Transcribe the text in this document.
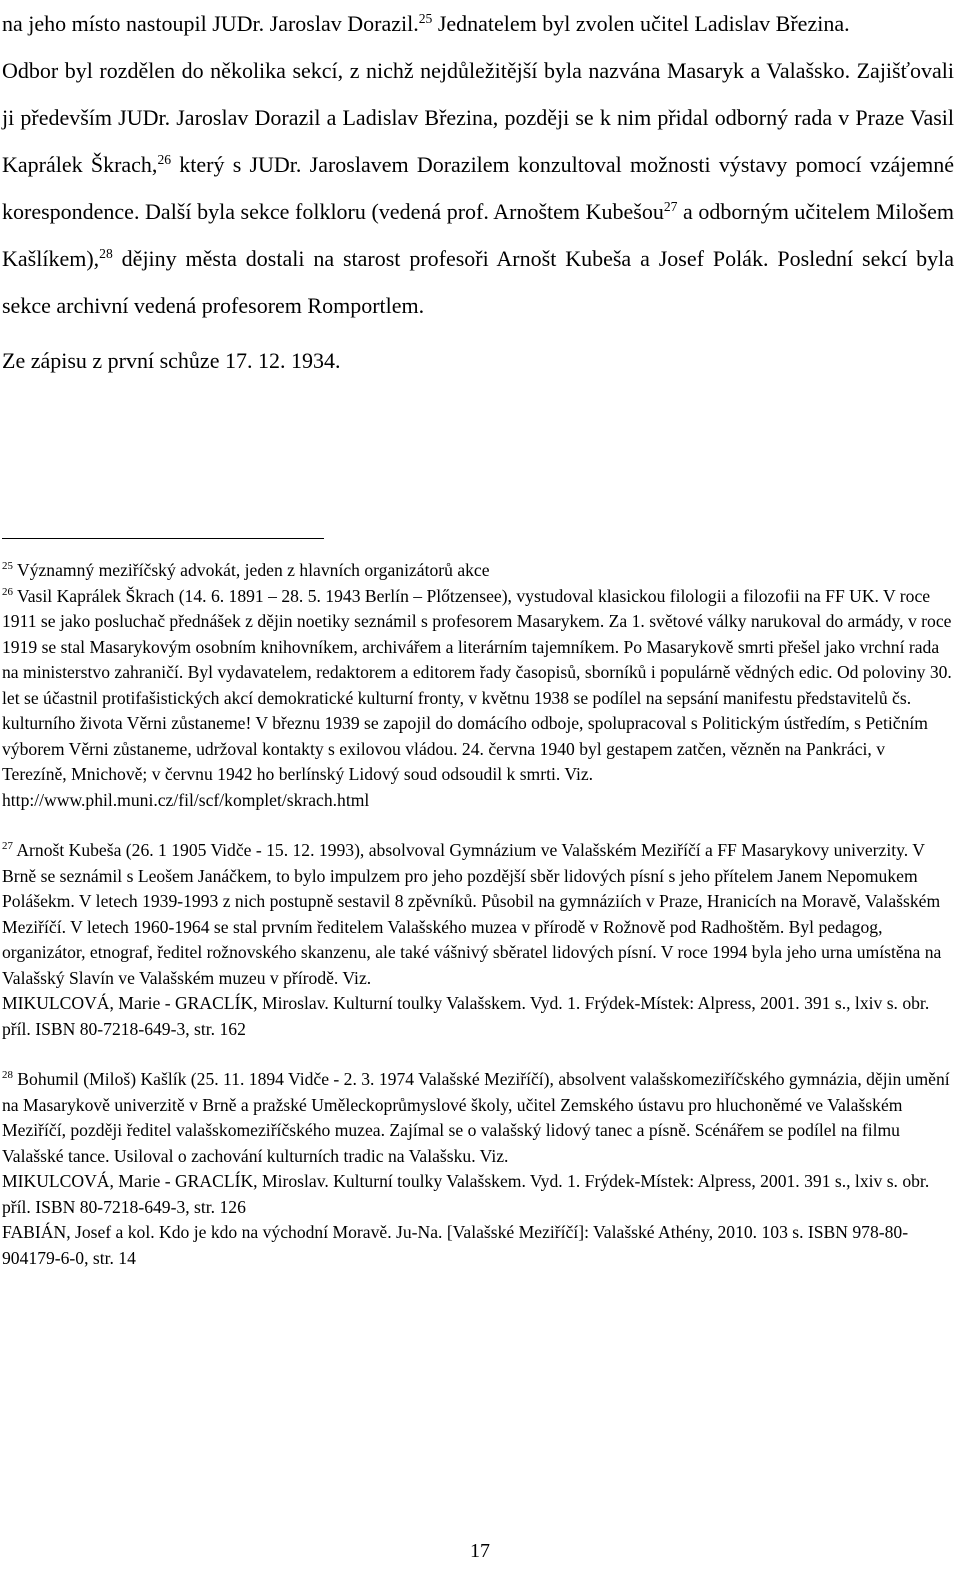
na jeho místo nastoupil JUDr. Jaroslav Dorazil.$^{25}$ Jednatelem byl zvolen učitel Ladislav Březina.

Odbor byl rozdělen do několika sekcí, z nichž nejdůležitější byla nazvána Masaryk a Valašsko. Zajišťovali ji především JUDr. Jaroslav Dorazil a Ladislav Březina, později se k nim přidal odborný rada v Praze Vasil Kaprálek Škrach,$^{26}$ který s JUDr. Jaroslavem Dorazilem konzultoval možnosti výstavy pomocí vzájemné korespondence. Další byla sekce folkloru (vedená prof. Arnoštem Kubešou$^{27}$ a odborným učitelem Milošem Kašlíkem),$^{28}$ dějiny města dostali na starost profesoři Arnošt Kubeša a Josef Polák. Poslední sekcí byla sekce archivní vedená profesorem Romportlem.

Ze zápisu z první schůze 17. 12. 1934.

$^{25}$ Významný meziříčský advokát, jeden z hlavních organizátorů akce

$^{26}$ Vasil Kaprálek Škrach (14. 6. 1891 – 28. 5. 1943 Berlín – Plőtzensee), vystudoval klasickou filologii a filozofii na FF UK. V roce 1911 se jako posluchač přednášek z dějin noetiky seznámil s profesorem Masarykem. Za 1. světové války narukoval do armády, v roce 1919 se stal Masarykovým osobním knihovníkem, archivářem a literárním tajemníkem. Po Masarykově smrti přešel jako vrchní rada na ministerstvo zahraničí. Byl vydavatelem, redaktorem a editorem řady časopisů, sborníků i populárně vědných edic. Od poloviny 30. let se účastnil protifašistických akcí demokratické kulturní fronty, v květnu 1938 se podílel na sepsání manifestu představitelů čs. kulturního života Věrni zůstaneme! V březnu 1939 se zapojil do domácího odboje, spolupracoval s Politickým ústředím, s Petičním výborem Věrni zůstaneme, udržoval kontakty s exilovou vládou. 24. června 1940 byl gestapem zatčen, vězněn na Pankráci, v Terezíně, Mnichově; v červnu 1942 ho berlínský Lidový soud odsoudil k smrti. Viz.
http://www.phil.muni.cz/fil/scf/komplet/skrach.html

$^{27}$ Arnošt Kubeša (26. 1 1905 Vidče - 15. 12. 1993), absolvoval Gymnázium ve Valašském Meziříčí a FF Masarykovy univerzity. V Brně se seznámil s Leošem Janáčkem, to bylo impulzem pro jeho pozdější sběr lidových písní s jeho přítelem Janem Nepomukem Polášekm. V letech 1939-1993 z nich postupně sestavil 8 zpěvníků. Působil na gymnáziích v Praze, Hranicích na Moravě, Valašském Meziříčí. V letech 1960-1964 se stal prvním ředitelem Valašského muzea v přírodě v Rožnově pod Radhoštěm. Byl pedagog, organizátor, etnograf, ředitel rožnovského skanzenu, ale také vášnivý sběratel lidových písní. V roce 1994 byla jeho urna umístěna na Valašský Slavín ve Valašském muzeu v přírodě. Viz.
MIKULCOVÁ, Marie - GRACLÍK, Miroslav. Kulturní toulky Valašskem. Vyd. 1. Frýdek-Místek: Alpress, 2001. 391 s., lxiv s. obr. příl. ISBN 80-7218-649-3, str. 162

$^{28}$ Bohumil (Miloš) Kašlík (25. 11. 1894 Vidče - 2. 3. 1974 Valašské Meziříčí), absolvent valašskomeziříčského gymnázia, dějin umění na Masarykově univerzitě v Brně a pražské Uměleckoprůmyslové školy, učitel Zemského ústavu pro hluchoněmé ve Valašském Meziříčí, později ředitel valašskomeziříčského muzea. Zajímal se o valašský lidový tanec a písně. Scénářem se podílel na filmu Valašské tance. Usiloval o zachování kulturních tradic na Valašsku. Viz.
MIKULCOVÁ, Marie - GRACLÍK, Miroslav. Kulturní toulky Valašskem. Vyd. 1. Frýdek-Místek: Alpress, 2001. 391 s., lxiv s. obr. příl. ISBN 80-7218-649-3, str. 126
FABIÁN, Josef a kol. Kdo je kdo na východní Moravě. Ju-Na. [Valašské Meziříčí]: Valašské Athény, 2010. 103 s. ISBN 978-80-904179-6-0, str. 14

17
